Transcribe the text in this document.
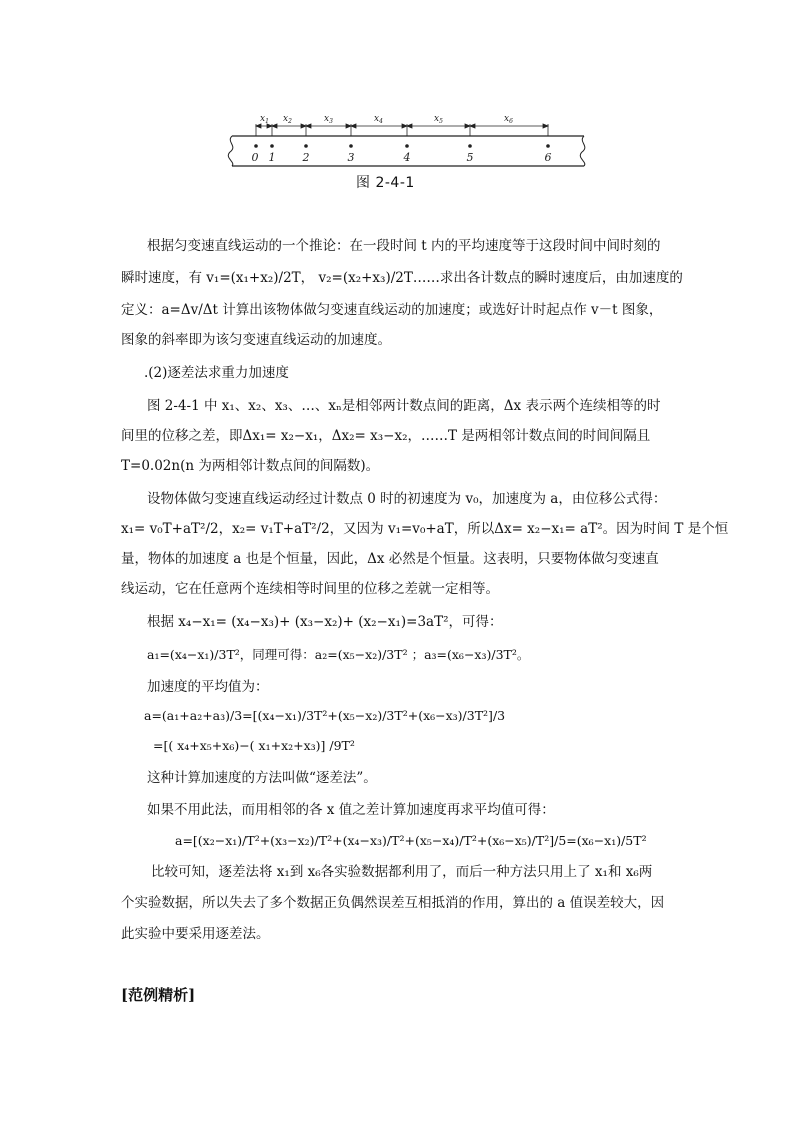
$x_1$ $x_2$	$x_3$	$x_4$	$x_5$	$x_6$
0 1 2	3	4	5	6
图 2-4-1
根据匀变速直线运动的一个推论：在一段时间 t 内的平均速度等于这段时间中间时刻的
瞬时速度，有 v₁=(x₁+x₂)/2T， v₂=(x₂+x₃)/2T……求出各计数点的瞬时速度后，由加速度的
定义：a=Δv/Δt 计算出该物体做匀变速直线运动的加速度；或选好计时起点作 v－t 图象，
图象的斜率即为该匀变速直线运动的加速度。
.(2)逐差法求重力加速度
图 2-4-1 中 x₁、x₂、x₃、…、xₙ是相邻两计数点间的距离，Δx 表示两个连续相等的时
间里的位移之差，即Δx₁= x₂−x₁，Δx₂= x₃−x₂，……T 是两相邻计数点间的时间间隔且
T=0.02n(n 为两相邻计数点间的间隔数)。
设物体做匀变速直线运动经过计数点 0 时的初速度为 v₀，加速度为 a，由位移公式得：
x₁= v₀T+aT²/2，x₂= v₁T+aT²/2，又因为 v₁=v₀+aT，所以Δx= x₂−x₁= aT²。因为时间 T 是个恒
量，物体的加速度 a 也是个恒量，因此，Δx 必然是个恒量。这表明，只要物体做匀变速直
线运动，它在任意两个连续相等时间里的位移之差就一定相等。
根据 x₄−x₁= (x₄−x₃)+ (x₃−x₂)+ (x₂−x₁)=3aT²，可得：
a₁=(x₄−x₁)/3T²，同理可得：a₂=(x₅−x₂)/3T² ；a₃=(x₆−x₃)/3T²。
加速度的平均值为：
a=(a₁+a₂+a₃)/3=[(x₄−x₁)/3T²+(x₅−x₂)/3T²+(x₆−x₃)/3T²]/3
=[( x₄+x₅+x₆)−( x₁+x₂+x₃)] /9T²
这种计算加速度的方法叫做“逐差法”。
如果不用此法，而用相邻的各 x 值之差计算加速度再求平均值可得：
a=[(x₂−x₁)/T²+(x₃−x₂)/T²+(x₄−x₃)/T²+(x₅−x₄)/T²+(x₆−x₅)/T²]/5=(x₆−x₁)/5T²
比较可知，逐差法将 x₁到 x₆各实验数据都利用了，而后一种方法只用上了 x₁和 x₆两
个实验数据，所以失去了多个数据正负偶然误差互相抵消的作用，算出的 a 值误差较大，因
此实验中要采用逐差法。
[范例精析]
